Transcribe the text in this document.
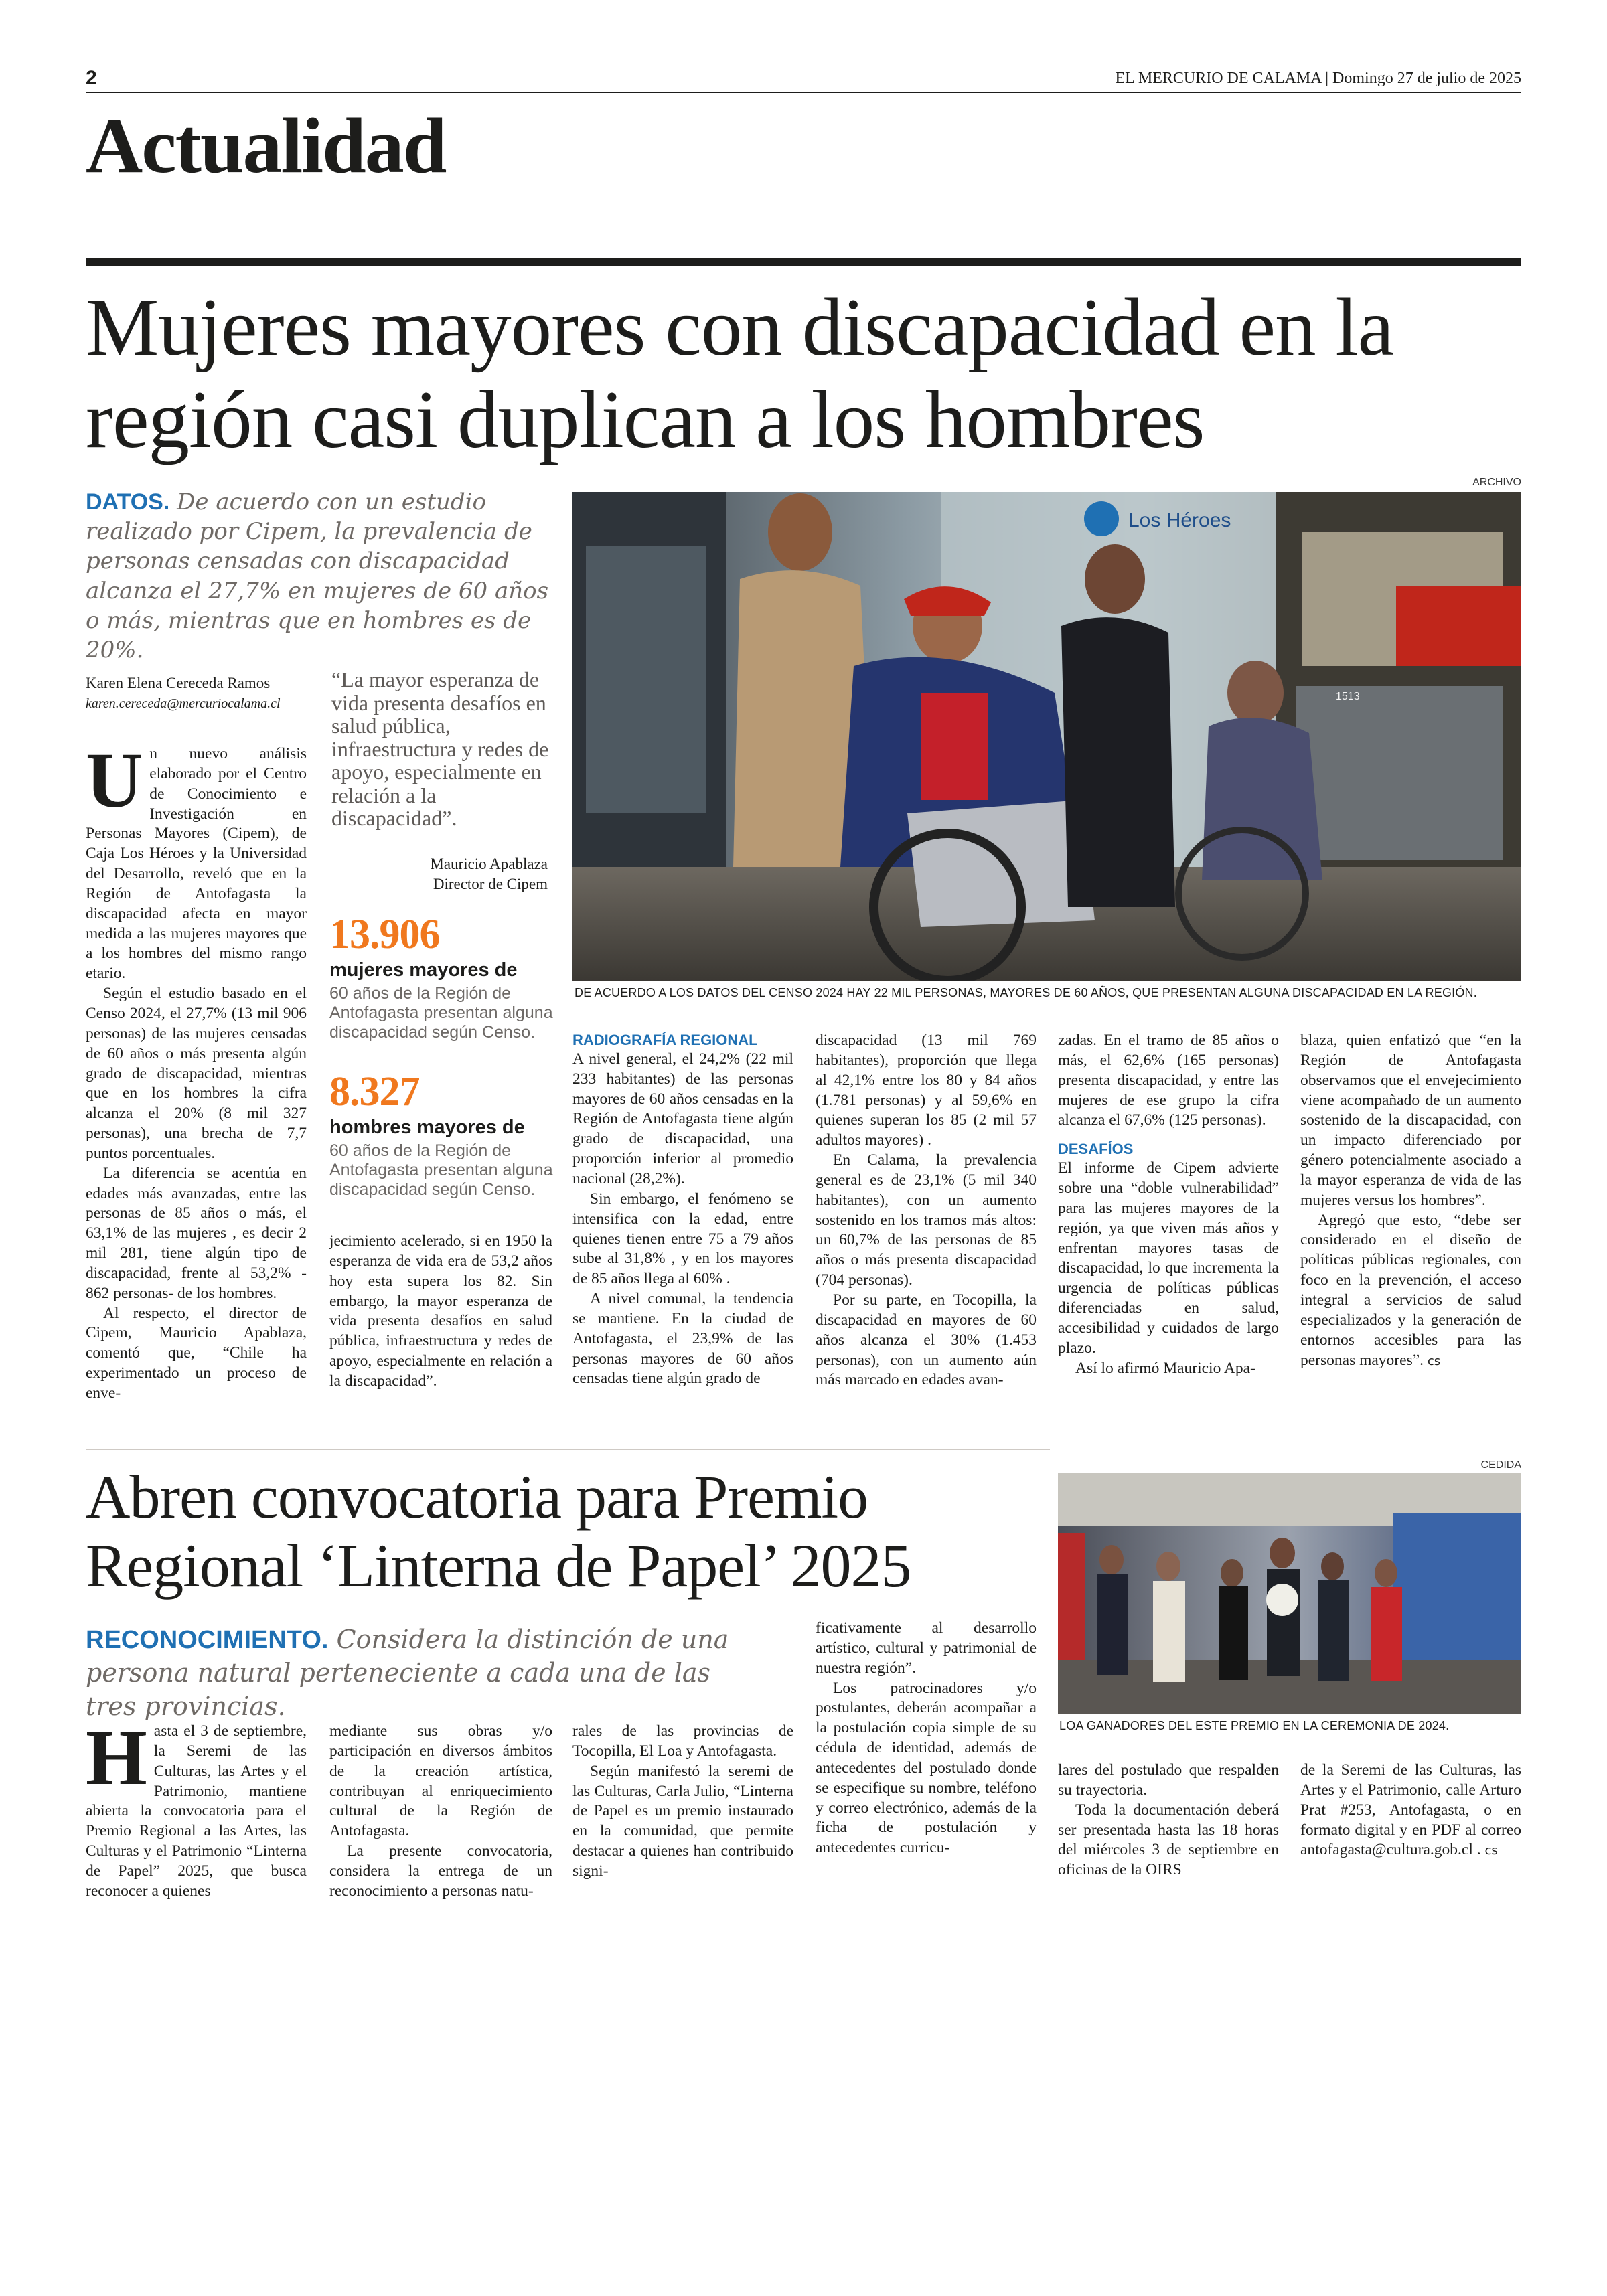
2	EL MERCURIO DE CALAMA | Domingo 27 de julio de 2025
Actualidad
Mujeres mayores con discapacidad en la región casi duplican a los hombres
DATOS. De acuerdo con un estudio realizado por Cipem, la prevalencia de personas censadas con discapacidad alcanza el 27,7% en mujeres de 60 años o más, mientras que en hombres es de 20%.
Karen Elena Cereceda Ramos
karen.cereceda@mercuriocalama.cl
“La mayor esperanza de vida presenta desafíos en salud pública, infraestructura y redes de apoyo, especialmente en relación a la discapacidad”.
Mauricio Apablaza
Director de Cipem
13.906
mujeres mayores de
60 años de la Región de Antofagasta presentan alguna discapacidad según Censo.
8.327
hombres mayores de
60 años de la Región de Antofagasta presentan alguna discapacidad según Censo.
ARCHIVO
Los Héroes
1513
DE ACUERDO A LOS DATOS DEL CENSO 2024 HAY 22 MIL PERSONAS, MAYORES DE 60 AÑOS, QUE PRESENTAN ALGUNA DISCAPACIDAD EN LA REGIÓN.

Un nuevo análisis elaborado por el Centro de Conocimiento e Investigación en Personas Mayores (Cipem), de Caja Los Héroes y la Universidad del Desarrollo, reveló que en la Región de Antofagasta la discapacidad afecta en mayor medida a las mujeres mayores que a los hombres del mismo rango etario.

Según el estudio basado en el Censo 2024, el 27,7% (13 mil 906 personas) de las mujeres censadas de 60 años o más presenta algún grado de discapacidad, mientras que en los hombres la cifra alcanza el 20% (8 mil 327 personas), una brecha de 7,7 puntos porcentuales.

La diferencia se acentúa en edades más avanzadas, entre las personas de 85 años o más, el 63,1% de las mujeres , es decir 2 mil 281, tiene algún tipo de discapacidad, frente al 53,2% - 862 personas- de los hombres.

Al respecto, el director de Cipem, Mauricio Apablaza, comentó que, “Chile ha experimentado un proceso de enve-

jecimiento acelerado, si en 1950 la esperanza de vida era de 53,2 años hoy esta supera los 82. Sin embargo, la mayor esperanza de vida presenta desafíos en salud pública, infraestructura y redes de apoyo, especialmente en relación a la discapacidad”.

RADIOGRAFÍA REGIONAL

A nivel general, el 24,2% (22 mil 233 habitantes) de las personas mayores de 60 años censadas en la Región de Antofagasta tiene algún grado de discapacidad, una proporción inferior al promedio nacional (28,2%).

Sin embargo, el fenómeno se intensifica con la edad, entre quienes tienen entre 75 a 79 años sube al 31,8% , y en los mayores de 85 años llega al 60% .

A nivel comunal, la tendencia se mantiene. En la ciudad de Antofagasta, el 23,9% de las personas mayores de 60 años censadas tiene algún grado de

discapacidad (13 mil 769 habitantes), proporción que llega al 42,1% entre los 80 y 84 años (1.781 personas) y al 59,6% en quienes superan los 85 (2 mil 57 adultos mayores) .

En Calama, la prevalencia general es de 23,1% (5 mil 340 habitantes), con un aumento sostenido en los tramos más altos: un 60,7% de las personas de 85 años o más presenta discapacidad (704 personas).

Por su parte, en Tocopilla, la discapacidad en mayores de 60 años alcanza el 30% (1.453 personas), con un aumento aún más marcado en edades avan-

zadas. En el tramo de 85 años o más, el 62,6% (165 personas) presenta discapacidad, y entre las mujeres de ese grupo la cifra alcanza el 67,6% (125 personas).

DESAFÍOS

El informe de Cipem advierte sobre una “doble vulnerabilidad” para las mujeres mayores de la región, ya que viven más años y enfrentan mayores tasas de discapacidad, lo que incrementa la urgencia de políticas públicas diferenciadas en salud, accesibilidad y cuidados de largo plazo.

Así lo afirmó Mauricio Apa-

blaza, quien enfatizó que “en la Región de Antofagasta observamos que el envejecimiento viene acompañado de un aumento sostenido de la discapacidad, con un impacto diferenciado por género potencialmente asociado a la mayor esperanza de vida de las mujeres versus los hombres”.

Agregó que esto, “debe ser considerado en el diseño de políticas públicas regionales, con foco en la prevención, el acceso integral a servicios de salud especializados y la generación de entornos accesibles para las personas mayores”. cs

Abren convocatoria para Premio Regional ‘Linterna de Papel’ 2025
RECONOCIMIENTO. Considera la distinción de una persona natural perteneciente a cada una de las tres provincias.
CEDIDA
LOA GANADORES DEL ESTE PREMIO EN LA CEREMONIA DE 2024.

Hasta el 3 de septiembre, la Seremi de las Culturas, las Artes y el Patrimonio, mantiene abierta la convocatoria para el Premio Regional a las Artes, las Culturas y el Patrimonio “Linterna de Papel” 2025, que busca reconocer a quienes

mediante sus obras y/o participación en diversos ámbitos de la creación artística, contribuyan al enriquecimiento cultural de la Región de Antofagasta.

La presente convocatoria, considera la entrega de un reconocimiento a personas natu-

rales de las provincias de Tocopilla, El Loa y Antofagasta.

Según manifestó la seremi de las Culturas, Carla Julio, “Linterna de Papel es un premio instaurado en la comunidad, que permite destacar a quienes han contribuido signi-

ficativamente al desarrollo artístico, cultural y patrimonial de nuestra región”.

Los patrocinadores y/o postulantes, deberán acompañar a la postulación copia simple de su cédula de identidad, además de antecedentes del postulado donde se especifique su nombre, teléfono y correo electrónico, además de la ficha de postulación y antecedentes curricu-

lares del postulado que respalden su trayectoria.

Toda la documentación deberá ser presentada hasta las 18 horas del miércoles 3 de septiembre en oficinas de la OIRS

de la Seremi de las Culturas, las Artes y el Patrimonio, calle Arturo Prat #253, Antofagasta, o en formato digital y en PDF al correo antofagasta@cultura.gob.cl . cs
